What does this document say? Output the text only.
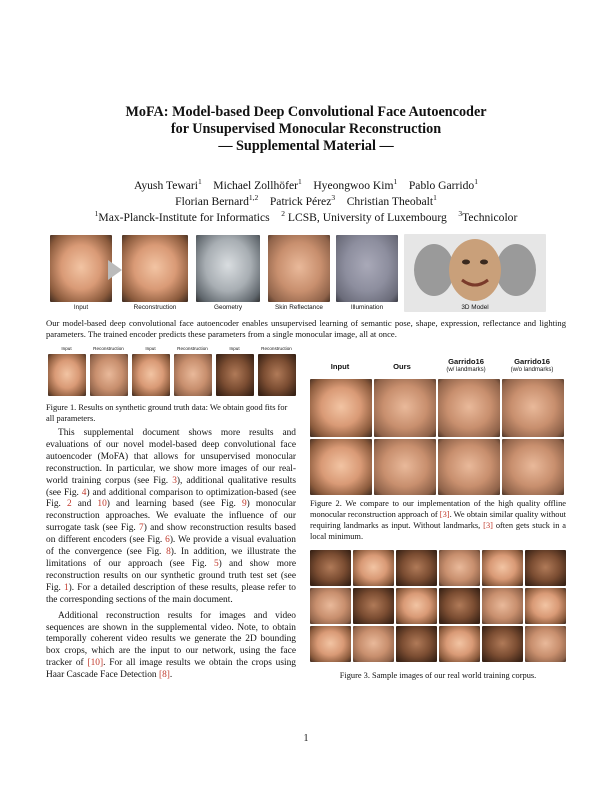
MoFA: Model-based Deep Convolutional Face Autoencoder
for Unsupervised Monocular Reconstruction
— Supplemental Material —
Ayush Tewari$^1$ Michael Zollhöfer$^1$ Hyeongwoo Kim$^1$ Pablo Garrido$^1$
Florian Bernard$^{1,2}$ Patrick Pérez$^3$ Christian Theobalt$^1$
$^1$Max-Planck-Institute for Informatics $^2$ LCSB, University of Luxembourg $^3$Technicolor
Input	Reconstruction	Geometry	Skin Reflectance	Illumination	3D Model
Our model-based deep convolutional face autoencoder enables unsupervised learning of semantic pose, shape, expression, reflectance and lighting parameters. The trained encoder predicts these parameters from a single monocular image, all at once.
Input	Reconstruction	Input	Reconstruction	Input	Reconstruction
Figure 1. Results on synthetic ground truth data: We obtain good fits for all parameters.

This supplemental document shows more results and evaluations of our novel model-based deep convolutional face autoencoder (MoFA) that allows for unsupervised monocular reconstruction. In particular, we show more images of our real-world training corpus (see Fig. 3), additional qualitative results (see Fig. 4) and additional comparison to optimization-based (see Fig. 2 and 10) and learning based (see Fig. 9) monocular reconstruction approaches. We evaluate the influence of our surrogate task (see Fig. 7) and show reconstruction results based on different encoders (see Fig. 6). We provide a visual evaluation of the convergence (see Fig. 8). In addition, we illustrate the limitations of our approach (see Fig. 5) and show more reconstruction results on our synthetic ground truth test set (see Fig. 1). For a detailed description of these results, please refer to the corresponding sections of the main document.

Additional reconstruction results for images and video sequences are shown in the supplemental video. Note, to obtain temporally coherent video results we generate the 2D bounding box crops, which are the input to our network, using the face tracker of [10]. For all image results we obtain the crops using Haar Cascade Face Detection [8].

Input	Ours
Garrido16
(w/ landmarks)
Garrido16
(w/o landmarks)
Figure 2. We compare to our implementation of the high quality offline monocular reconstruction approach of [3]. We obtain similar quality without requiring landmarks as input. Without landmarks, [3] often gets stuck in a local minimum.
Figure 3. Sample images of our real world training corpus.
1
